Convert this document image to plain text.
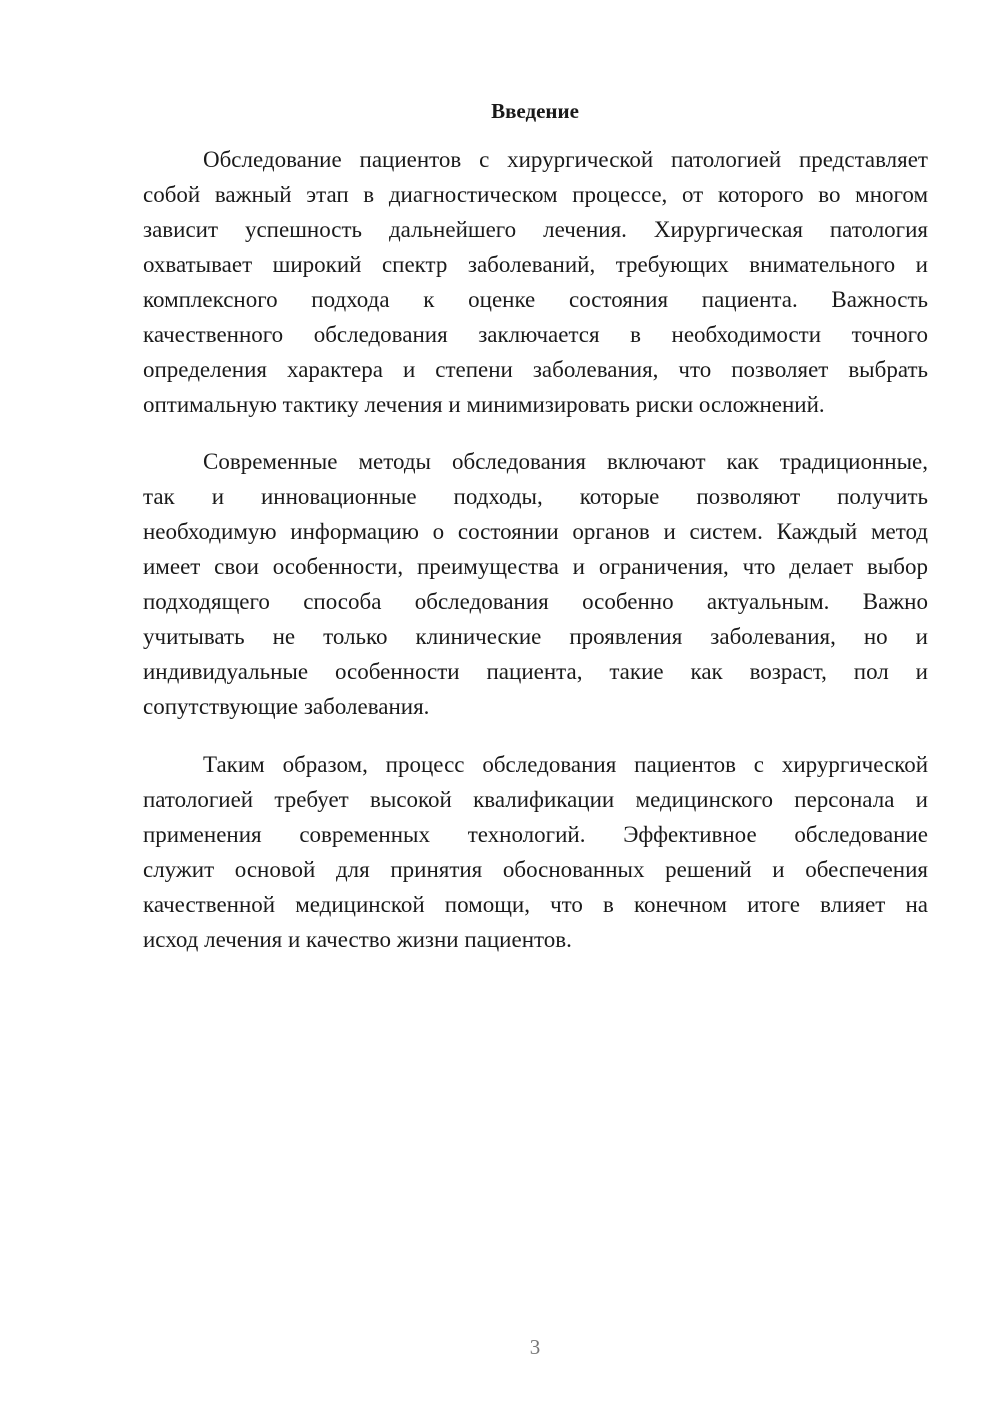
Введение
Обследование пациентов с хирургической патологией представляет
собой важный этап в диагностическом процессе, от которого во многом
зависит успешность дальнейшего лечения. Хирургическая патология
охватывает широкий спектр заболеваний, требующих внимательного и
комплексного подхода к оценке состояния пациента. Важность
качественного обследования заключается в необходимости точного
определения характера и степени заболевания, что позволяет выбрать
оптимальную тактику лечения и минимизировать риски осложнений.
Современные методы обследования включают как традиционные,
так и инновационные подходы, которые позволяют получить
необходимую информацию о состоянии органов и систем. Каждый метод
имеет свои особенности, преимущества и ограничения, что делает выбор
подходящего способа обследования особенно актуальным. Важно
учитывать не только клинические проявления заболевания, но и
индивидуальные особенности пациента, такие как возраст, пол и
сопутствующие заболевания.
Таким образом, процесс обследования пациентов с хирургической
патологией требует высокой квалификации медицинского персонала и
применения современных технологий. Эффективное обследование
служит основой для принятия обоснованных решений и обеспечения
качественной медицинской помощи, что в конечном итоге влияет на
исход лечения и качество жизни пациентов.
3
